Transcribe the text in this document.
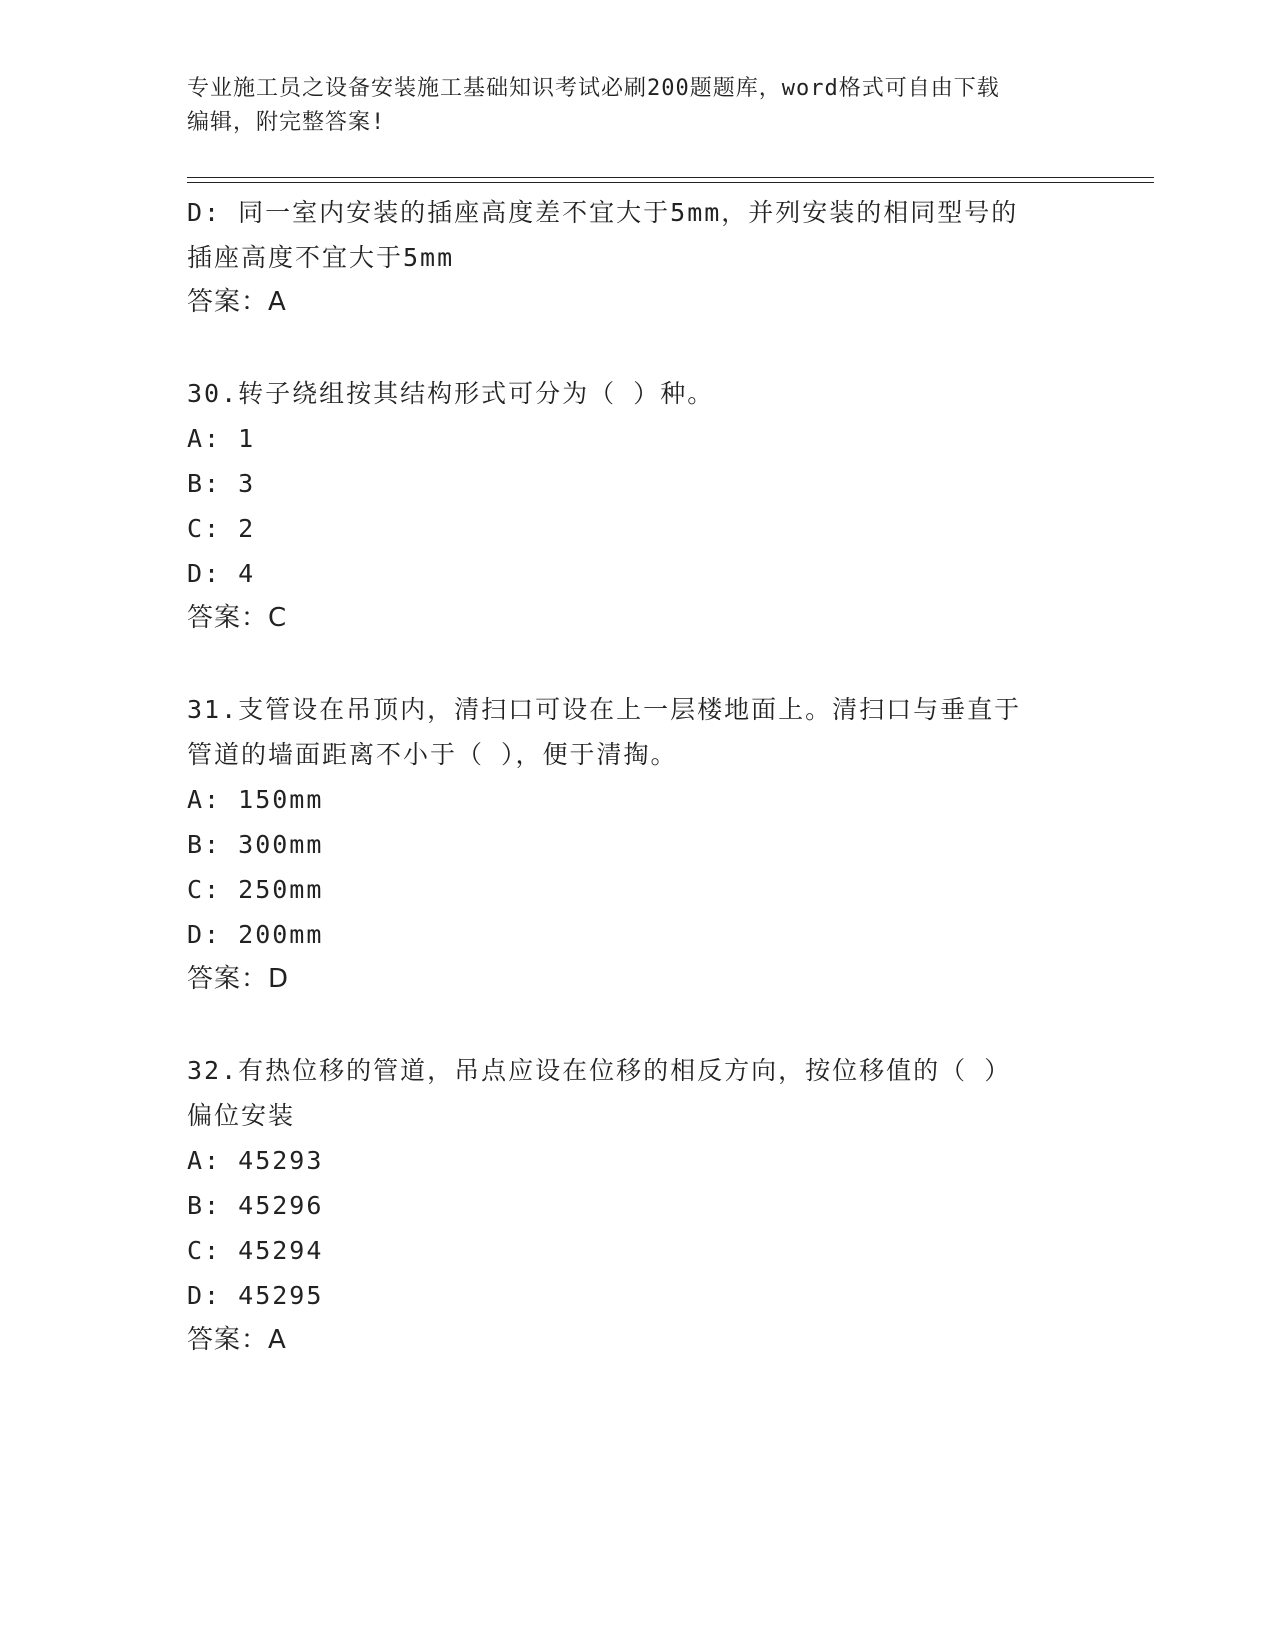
专业施工员之设备安装施工基础知识考试必刷200题题库，word格式可自由下载
编辑，附完整答案!
D: 同一室内安装的插座高度差不宜大于5mm，并列安装的相同型号的
插座高度不宜大于5mm
答案：A
30.转子绕组按其结构形式可分为（ ）种。
A: 1
B: 3
C: 2
D: 4
答案：C
31.支管设在吊顶内，清扫口可设在上一层楼地面上。清扫口与垂直于
管道的墙面距离不小于（ ），便于清掏。
A: 150mm
B: 300mm
C: 250mm
D: 200mm
答案：D
32.有热位移的管道，吊点应设在位移的相反方向，按位移值的（ ）
偏位安装
A: 45293
B: 45296
C: 45294
D: 45295
答案：A
